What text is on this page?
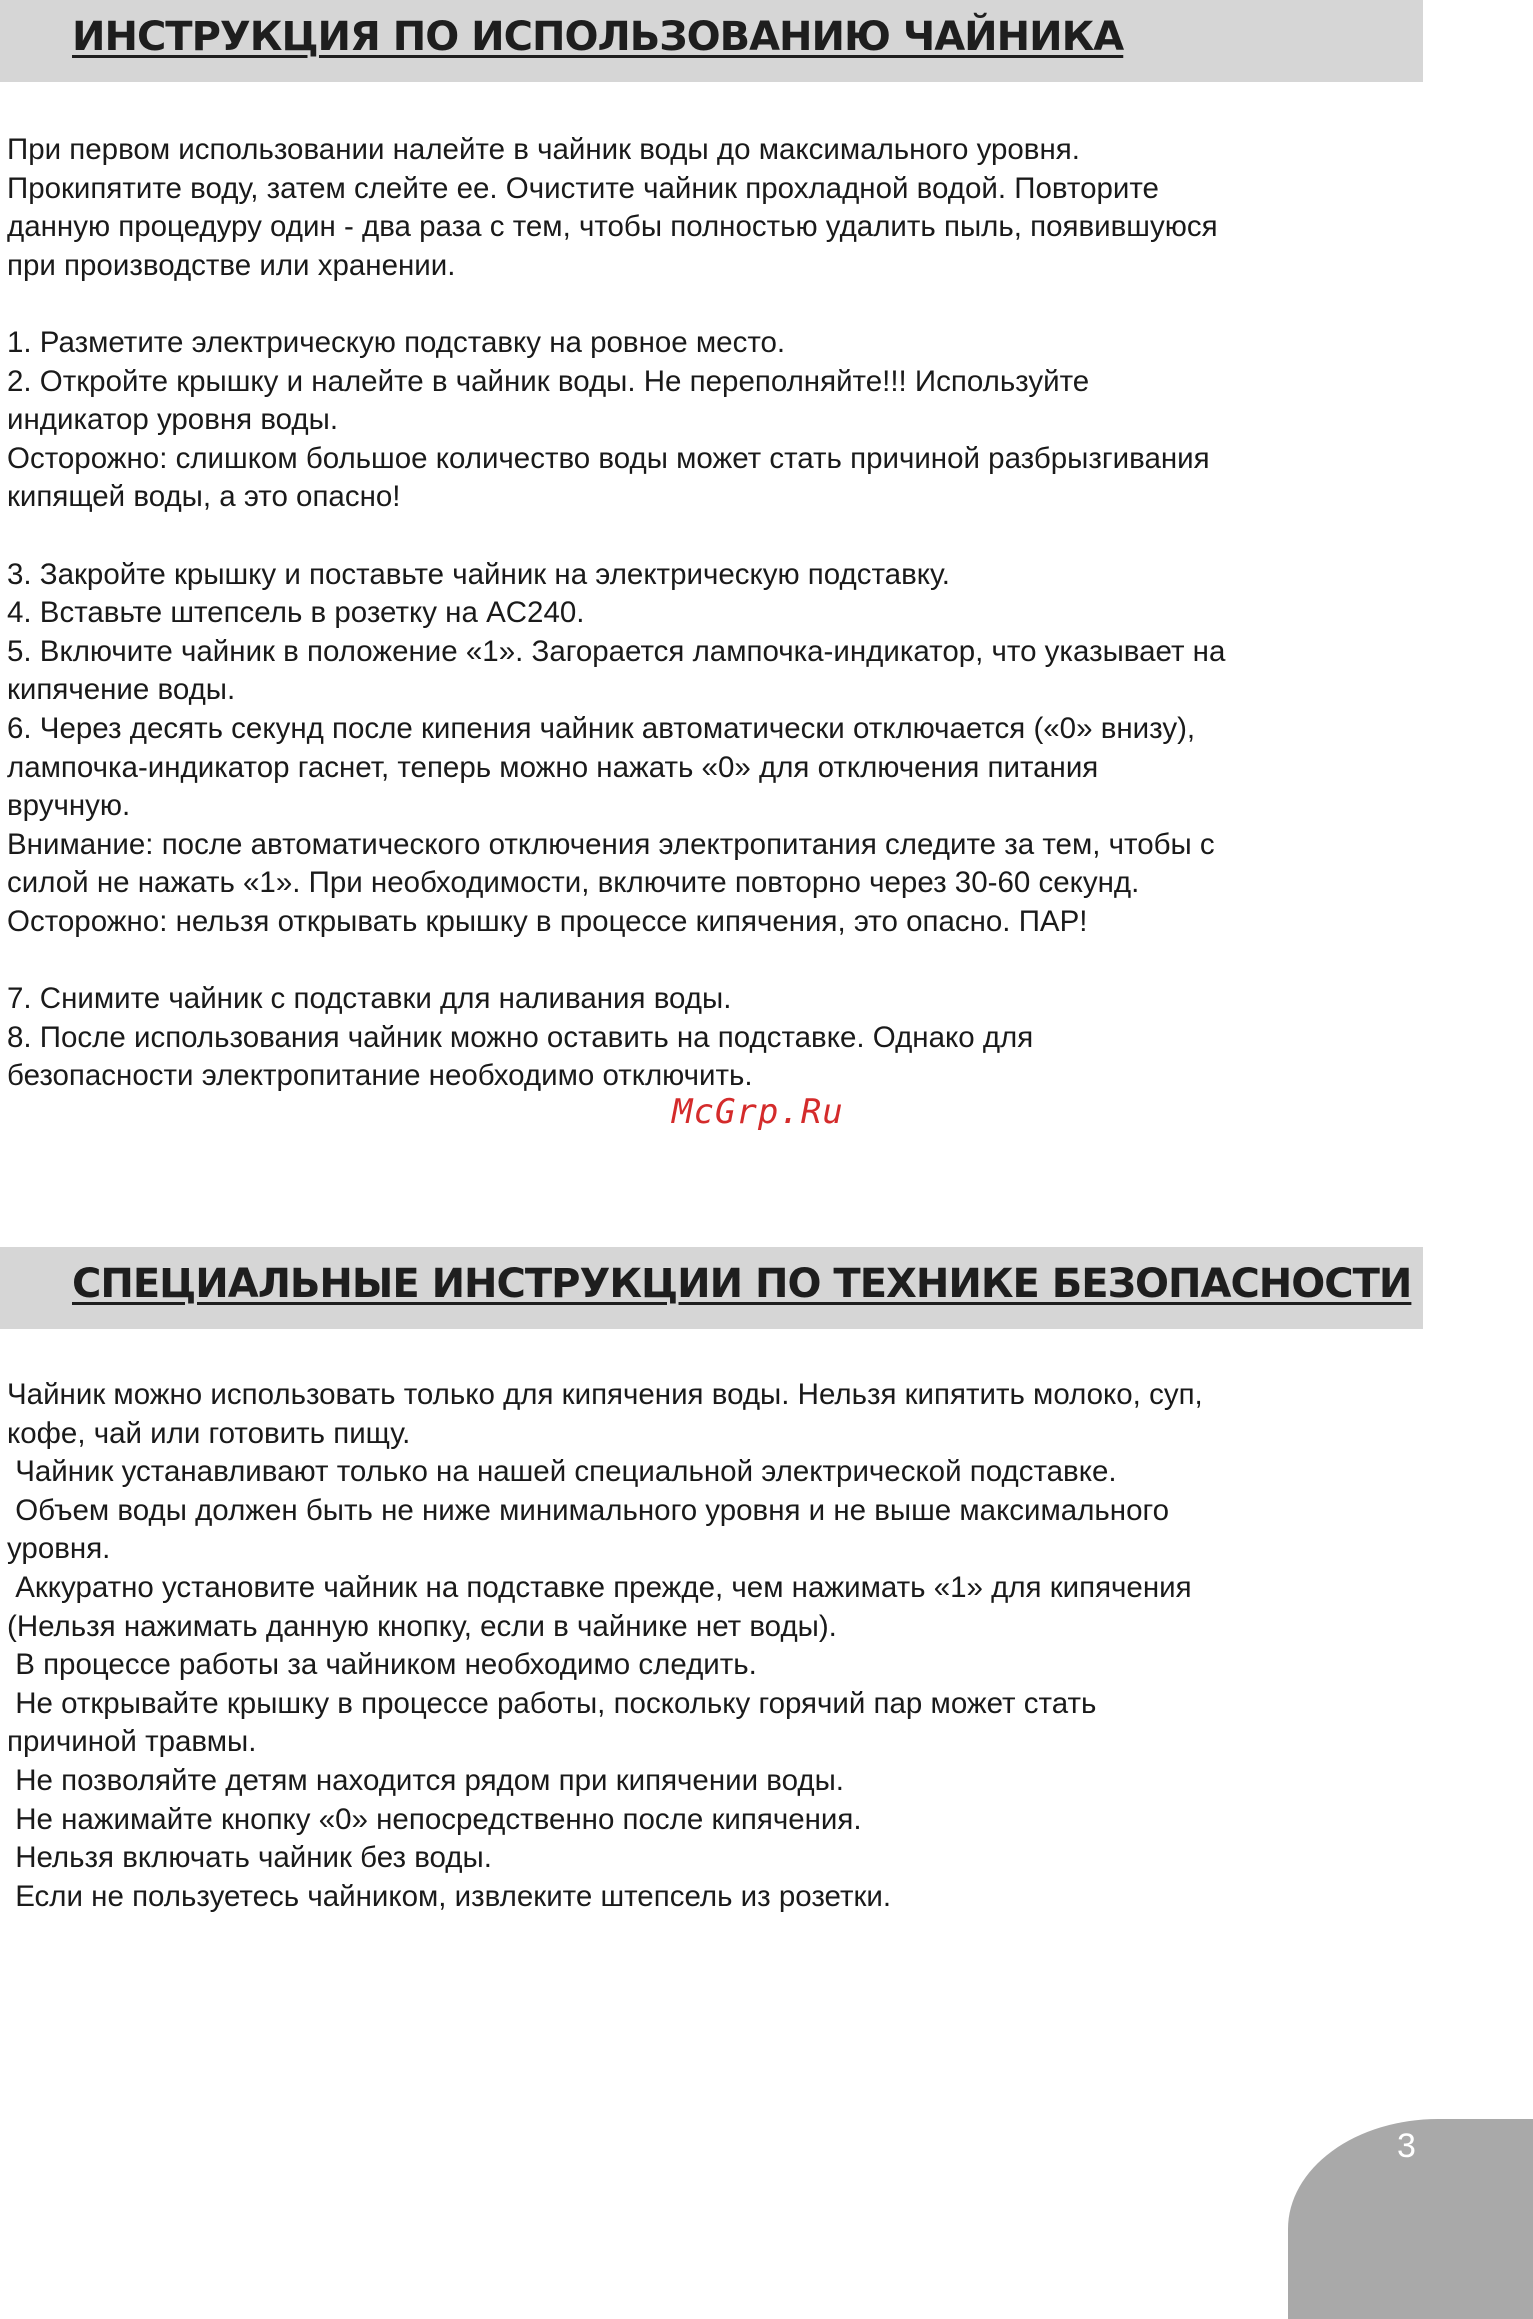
ИНСТРУКЦИЯ ПО ИСПОЛЬЗОВАНИЮ ЧАЙНИКА

При первом использовании налейте в чайник воды до максимального уровня.
Прокипятите воду, затем слейте ее. Очистите чайник прохладной водой. Повторите
данную процедуру один - два раза с тем, чтобы полностью удалить пыль, появившуюся
при производстве или хранении.

1. Разметите электрическую подставку на ровное место.
2. Откройте крышку и налейте в чайник воды. Не переполняйте!!! Используйте
индикатор уровня воды.
Осторожно: слишком большое количество воды может стать причиной разбрызгивания
кипящей воды, а это опасно!

3. Закройте крышку и поставьте чайник на электрическую подставку.
4. Вставьте штепсель в розетку на AC240.
5. Включите чайник в положение «1». Загорается лампочка-индикатор, что указывает на
кипячение воды.
6. Через десять секунд после кипения чайник автоматически отключается («0» внизу),
лампочка-индикатор гаснет, теперь можно нажать «0» для отключения питания
вручную.
Внимание: после автоматического отключения электропитания следите за тем, чтобы с
силой не нажать «1». При необходимости, включите повторно через 30-60 секунд.
Осторожно: нельзя открывать крышку в процессе кипячения, это опасно. ПАР!

7. Снимите чайник с подставки для наливания воды.
8. После использования чайник можно оставить на подставке. Однако для
безопасности электропитание необходимо отключить.

McGrp.Ru
СПЕЦИАЛЬНЫЕ ИНСТРУКЦИИ ПО ТЕХНИКЕ БЕЗОПАСНОСТИ

Чайник можно использовать только для кипячения воды. Нельзя кипятить молоко, суп,
кофе, чай или готовить пищу.
Чайник устанавливают только на нашей специальной электрической подставке.
Объем воды должен быть не ниже минимального уровня и не выше максимального
уровня.
Аккуратно установите чайник на подставке прежде, чем нажимать «1» для кипячения
(Нельзя нажимать данную кнопку, если в чайнике нет воды).
В процессе работы за чайником необходимо следить.
Не открывайте крышку в процессе работы, поскольку горячий пар может стать
причиной травмы.
Не позволяйте детям находится рядом при кипячении воды.
Не нажимайте кнопку «0» непосредственно после кипячения.
Нельзя включать чайник без воды.
Если не пользуетесь чайником, извлеките штепсель из розетки.

3
